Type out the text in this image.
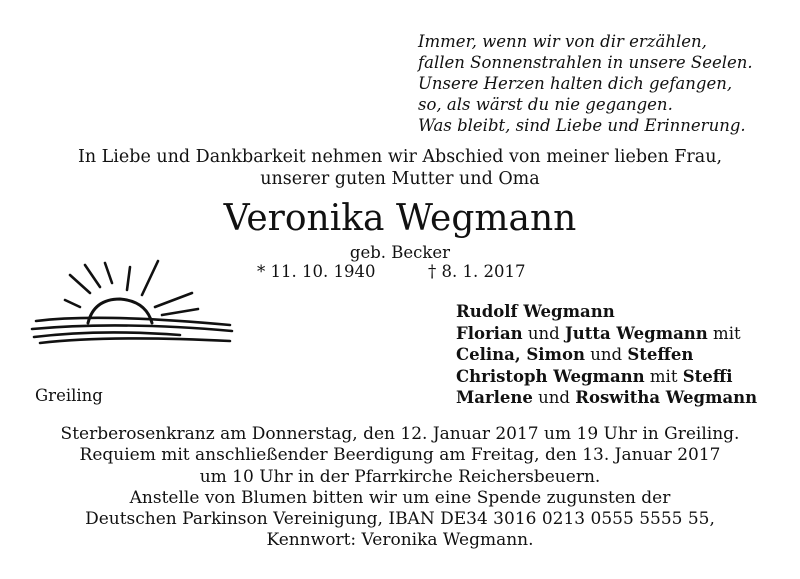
Immer, wenn wir von dir erzählen,
fallen Sonnenstrahlen in unsere Seelen.
Unsere Herzen halten dich gefangen,
so, als wärst du nie gegangen.
Was bleibt, sind Liebe und Erinnerung.
In Liebe und Dankbarkeit nehmen wir Abschied von meiner lieben Frau,
unserer guten Mutter und Oma
Veronika Wegmann
geb. Becker
* 11. 10. 1940	† 8. 1. 2017
Greiling
Rudolf Wegmann
Florian und Jutta Wegmann mit
Celina, Simon und Steffen
Christoph Wegmann mit Steffi
Marlene und Roswitha Wegmann
Sterberosenkranz am Donnerstag, den 12. Januar 2017 um 19 Uhr in Greiling.
Requiem mit anschließender Beerdigung am Freitag, den 13. Januar 2017
um 10 Uhr in der Pfarrkirche Reichersbeuern.
Anstelle von Blumen bitten wir um eine Spende zugunsten der
Deutschen Parkinson Vereinigung, IBAN DE34 3016 0213 0555 5555 55,
Kennwort: Veronika Wegmann.
